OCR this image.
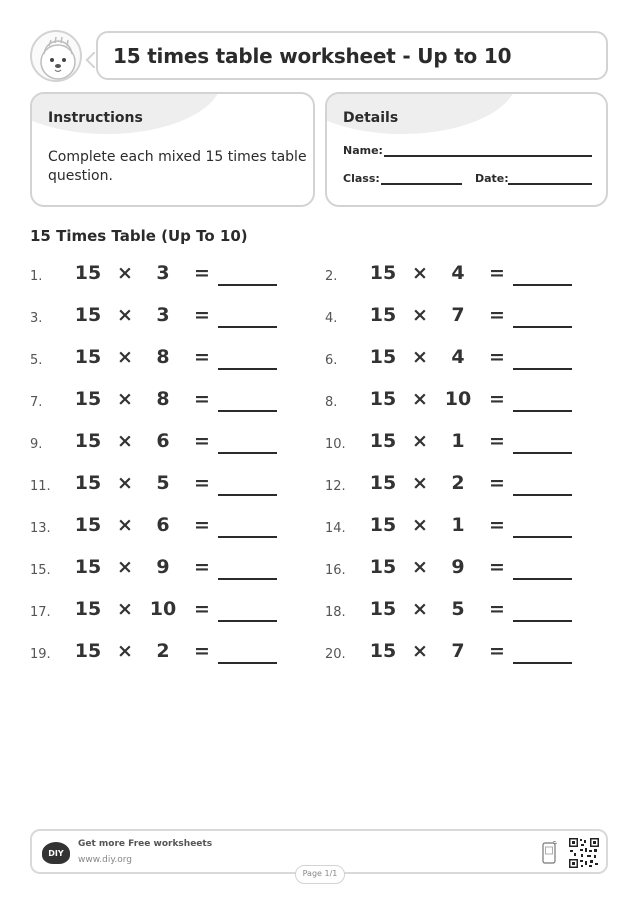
15 times table worksheet - Up to 10
Instructions
Complete each mixed 15 times table question.
Details
Name:
Class:	Date:
15 Times Table (Up To 10)
1.	15 ×	3	=	2.	15 ×	4	=
3.	15 ×	3	=	4.	15 ×	7	=
5.	15 ×	8	=	6.	15 ×	4	=
7.	15 ×	8	=	8.	15 × 10 =
9.	15 ×	6	=	10.	15 ×	1	=
11.	15 ×	5	=	12.	15 ×	2	=
13.	15 ×	6	=	14.	15 ×	1	=
15.	15 ×	9	=	16.	15 ×	9	=
17.	15 × 10 =	18.	15 ×	5	=
19.	15 ×	2	=	20.	15 ×	7	=
DIY
Get more Free worksheets
www.diy.org
Page 1/1
